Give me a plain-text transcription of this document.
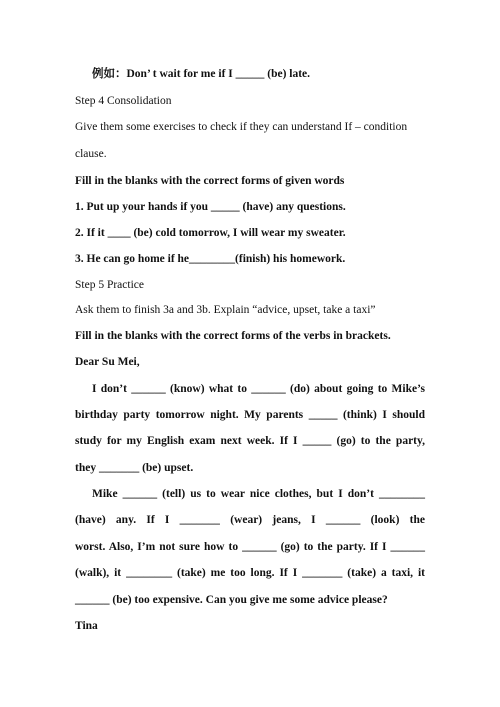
例如：Don’ t wait for me if I _____ (be) late.
Step 4 Consolidation
Give them some exercises to check if they can understand If – condition
clause.
Fill in the blanks with the correct forms of given words
1. Put up your hands if you _____ (have) any questions.
2. If it ____ (be) cold tomorrow, I will wear my sweater.
3. He can go home if he________(finish) his homework.
Step 5 Practice
Ask them to finish 3a and 3b. Explain “advice, upset, take a taxi”
Fill in the blanks with the correct forms of the verbs in brackets.
Dear Su Mei,
I don’t ______ (know) what to ______ (do) about going to Mike’s
birthday party tomorrow night. My parents _____ (think) I should
study for my English exam next week. If I _____ (go) to the party,
they _______ (be) upset.
Mike ______ (tell) us to wear nice clothes, but I don’t ________
(have) any. If I _______ (wear) jeans, I ______ (look) the
worst. Also, I’m not sure how to ______ (go) to the party. If I ______
(walk), it ________ (take) me too long. If I _______ (take) a taxi, it
______ (be) too expensive. Can you give me some advice please?
Tina
